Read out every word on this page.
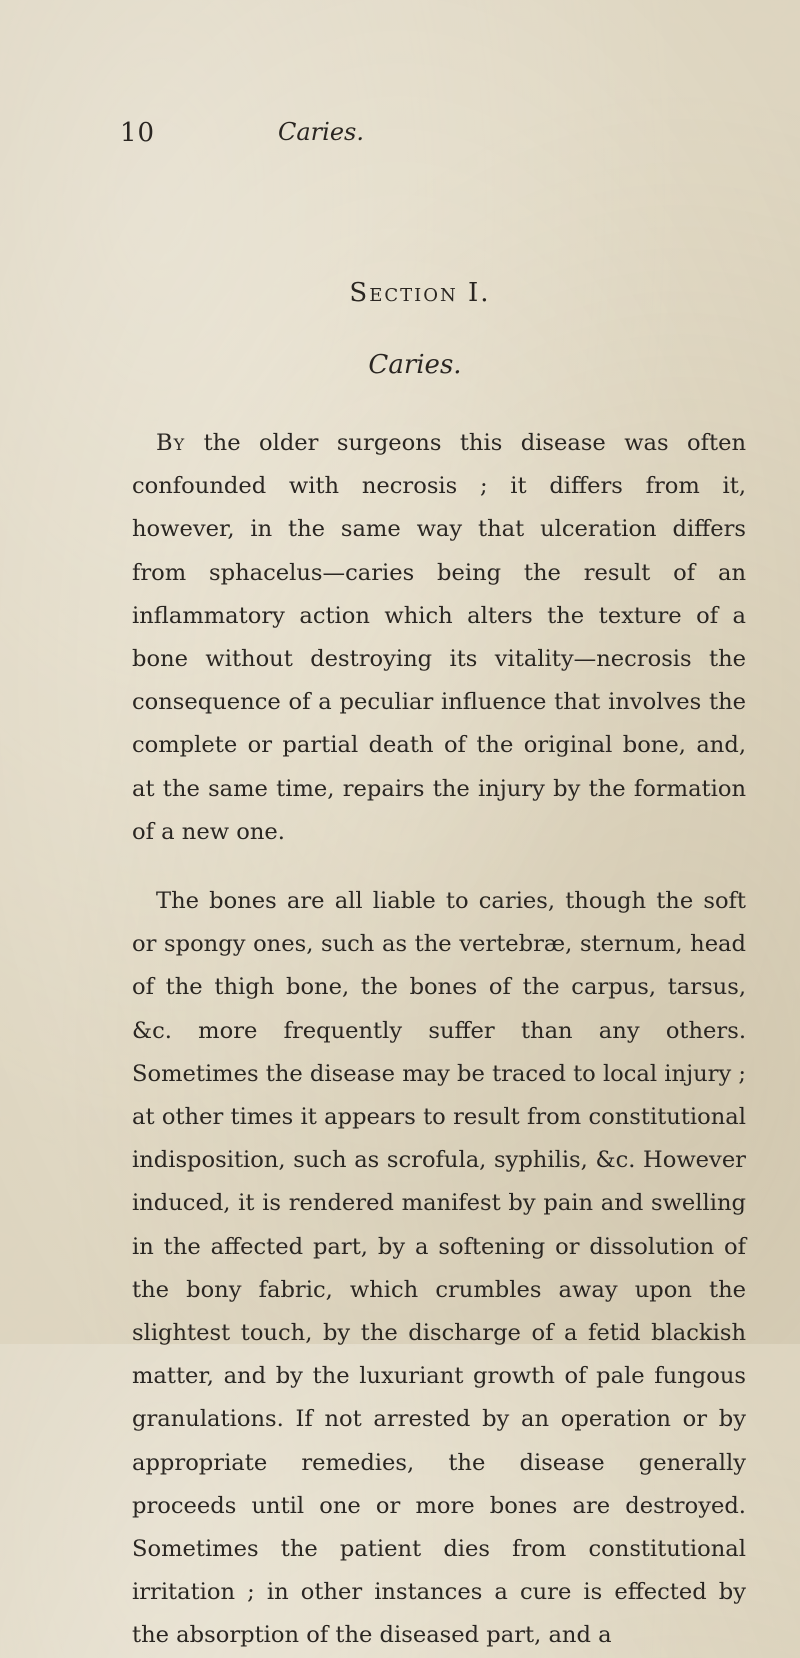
10	Caries.
Section I.
Caries.

By the older surgeons this disease was often confounded with necrosis ; it differs from it, however, in the same way that ulceration differs from sphacelus—caries being the result of an inflammatory action which alters the texture of a bone without destroying its vitality—necrosis the consequence of a peculiar influence that involves the complete or partial death of the original bone, and, at the same time, repairs the injury by the formation of a new one.

The bones are all liable to caries, though the soft or spongy ones, such as the vertebræ, sternum, head of the thigh bone, the bones of the carpus, tarsus, &c. more frequently suffer than any others. Sometimes the disease may be traced to local injury ; at other times it appears to result from constitutional indisposition, such as scrofula, syphilis, &c. However induced, it is rendered manifest by pain and swelling in the affected part, by a softening or dissolution of the bony fabric, which crumbles away upon the slightest touch, by the discharge of a fetid blackish matter, and by the luxuriant growth of pale fungous granulations. If not arrested by an operation or by appropriate remedies, the disease generally proceeds until one or more bones are destroyed. Sometimes the patient dies from constitutional irritation ; in other instances a cure is effected by the absorption of the diseased part, and a
